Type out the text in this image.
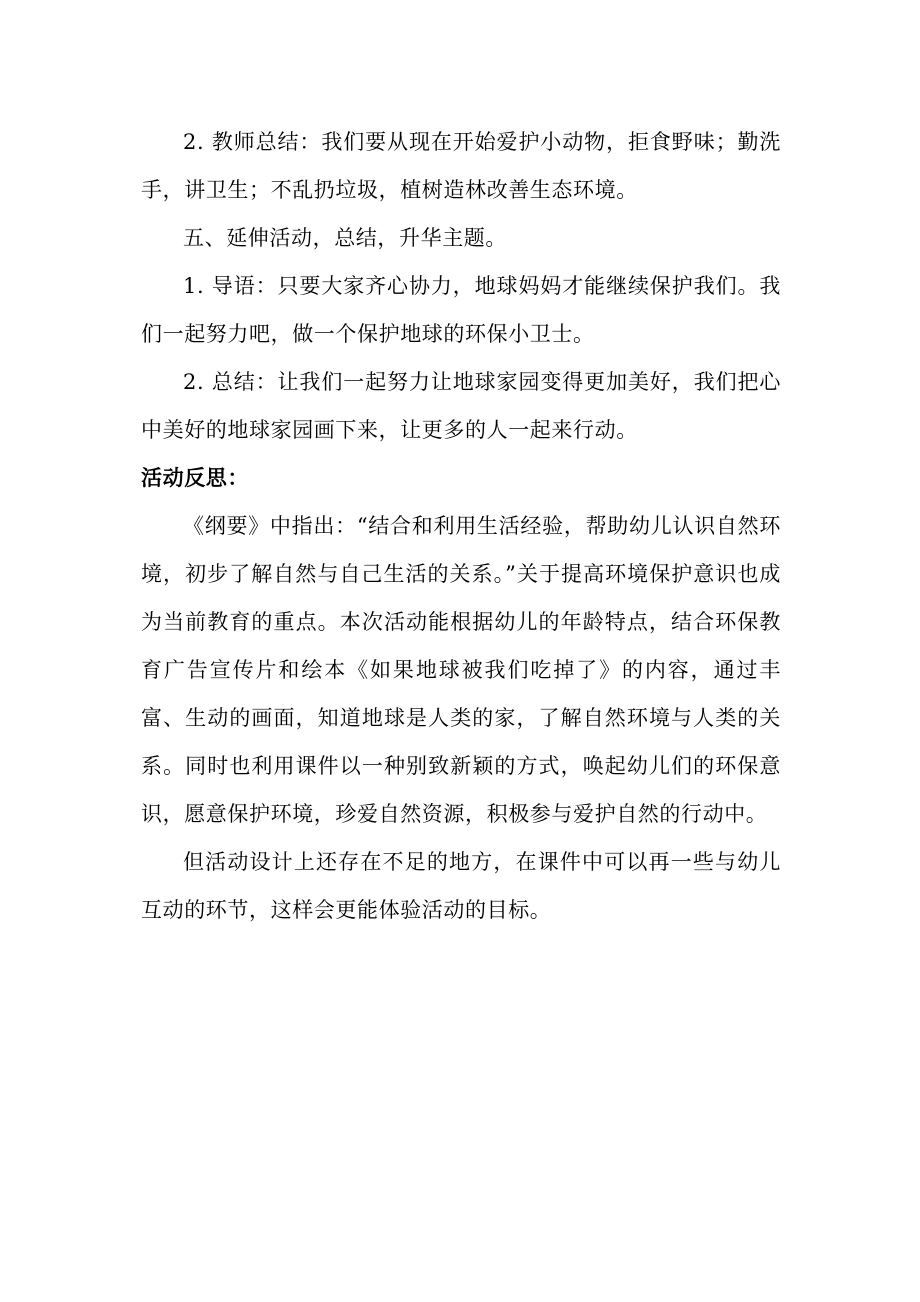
2. 教师总结：我们要从现在开始爱护小动物，拒食野味；勤洗手，讲卫生；不乱扔垃圾，植树造林改善生态环境。

五、延伸活动，总结，升华主题。

1. 导语：只要大家齐心协力，地球妈妈才能继续保护我们。我们一起努力吧，做一个保护地球的环保小卫士。

2. 总结：让我们一起努力让地球家园变得更加美好，我们把心中美好的地球家园画下来，让更多的人一起来行动。

活动反思：

《纲要》中指出：“结合和利用生活经验，帮助幼儿认识自然环境，初步了解自然与自己生活的关系。”关于提高环境保护意识也成为当前教育的重点。本次活动能根据幼儿的年龄特点，结合环保教育广告宣传片和绘本《如果地球被我们吃掉了》的内容，通过丰富、生动的画面，知道地球是人类的家，了解自然环境与人类的关系。同时也利用课件以一种别致新颖的方式，唤起幼儿们的环保意识，愿意保护环境，珍爱自然资源，积极参与爱护自然的行动中。

但活动设计上还存在不足的地方，在课件中可以再一些与幼儿互动的环节，这样会更能体验活动的目标。
